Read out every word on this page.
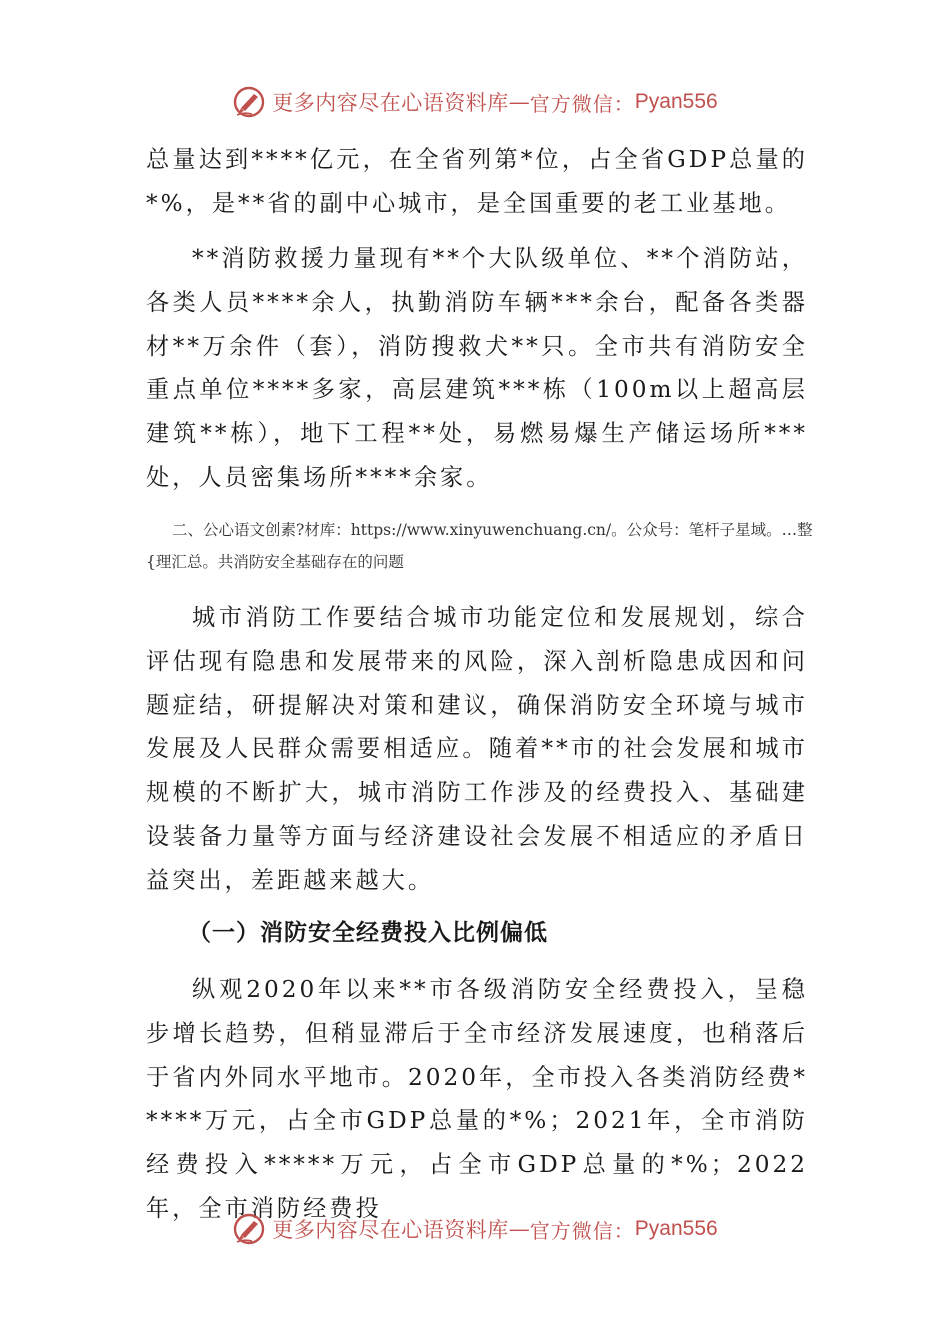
更多内容尽在心语资料库 — 官方微信： Pyan556

总量达到****亿元，在全省列第*位，占全省GDP总量的*%，是**省的副中心城市，是全国重要的老工业基地。

**消防救援力量现有**个大队级单位、**个消防站，各类人员****余人，执勤消防车辆***余台，配备各类器材**万余件（套），消防搜救犬**只。全市共有消防安全重点单位****多家，高层建筑***栋（100m以上超高层建筑**栋），地下工程**处，易燃易爆生产储运场所***处，人员密集场所****余家。

二、公心语文创素?材库：https://www.xinyuwenchuang.cn/。公众号：笔杆子星域。…整{理汇总。共消防安全基础存在的问题

城市消防工作要结合城市功能定位和发展规划，综合评估现有隐患和发展带来的风险，深入剖析隐患成因和问题症结，研提解决对策和建议，确保消防安全环境与城市发展及人民群众需要相适应。随着**市的社会发展和城市规模的不断扩大，城市消防工作涉及的经费投入、基础建设装备力量等方面与经济建设社会发展不相适应的矛盾日益突出，差距越来越大。

（一）消防安全经费投入比例偏低

纵观2020年以来**市各级消防安全经费投入，呈稳步增长趋势，但稍显滞后于全市经济发展速度，也稍落后于省内外同水平地市。2020年，全市投入各类消防经费*****万元，占全市GDP总量的*%；2021年，全市消防经费投入*****万元，占全市GDP总量的*%；2022年，全市消防经费投

更多内容尽在心语资料库 — 官方微信： Pyan556
